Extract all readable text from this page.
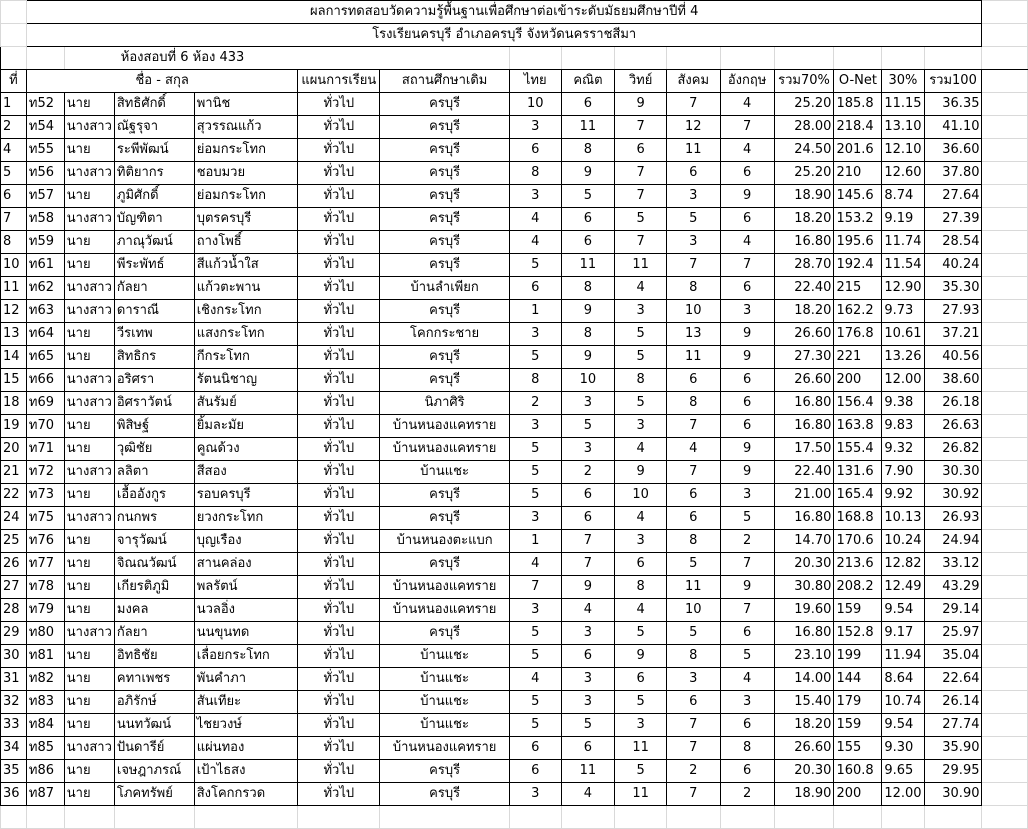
	ผลการทดสอบวัดความรู้พื้นฐานเพื่อศึกษาต่อเข้าระดับมัธยมศึกษาปีที่ 4															
	โรงเรียนครบุรี อำเภอครบุรี จังหวัดนครราชสีมา															
		ห้องสอบที่ 6 ห้อง 433														
ที่	ชื่อ - สกุล				แผนการเรียน	สถานศึกษาเดิม	ไทย	คณิต	วิทย์	สังคม	อังกฤษ	รวม70%	O-Net	30%	รวม100	
1	ท52	นาย	สิทธิศักดิ์	พานิช	ทั่วไป	ครบุรี	10	6	9	7	4	25.20	185.8	11.15	36.35	
2	ท54	นางสาว	ณัฐรุจา	สุวรรณแก้ว	ทั่วไป	ครบุรี	3	11	7	12	7	28.00	218.4	13.10	41.10	
4	ท55	นาย	ระพีพัฒน์	ย่อมกระโทก	ทั่วไป	ครบุรี	6	8	6	11	4	24.50	201.6	12.10	36.60	
5	ท56	นางสาว	ทิติยากร	ชอบมวย	ทั่วไป	ครบุรี	8	9	7	6	6	25.20	210	12.60	37.80	
6	ท57	นาย	ภูมิศักดิ์	ย่อมกระโทก	ทั่วไป	ครบุรี	3	5	7	3	9	18.90	145.6	8.74	27.64	
7	ท58	นางสาว	บัญฑิตา	บุตรครบุรี	ทั่วไป	ครบุรี	4	6	5	5	6	18.20	153.2	9.19	27.39	
8	ท59	นาย	ภาณุวัฒน์	ถางโพธิ์	ทั่วไป	ครบุรี	4	6	7	3	4	16.80	195.6	11.74	28.54	
10	ท61	นาย	พีระพัทธ์	สีแก้วน้ำใส	ทั่วไป	ครบุรี	5	11	11	7	7	28.70	192.4	11.54	40.24	
11	ท62	นางสาว	กัลยา	แก้วตะพาน	ทั่วไป	บ้านลำเพียก	6	8	4	8	6	22.40	215	12.90	35.30	
12	ท63	นางสาว	ดาราณี	เชิงกระโทก	ทั่วไป	ครบุรี	1	9	3	10	3	18.20	162.2	9.73	27.93	
13	ท64	นาย	วีรเทพ	แสงกระโทก	ทั่วไป	โคกกระชาย	3	8	5	13	9	26.60	176.8	10.61	37.21	
14	ท65	นาย	สิทธิกร	กีกระโทก	ทั่วไป	ครบุรี	5	9	5	11	9	27.30	221	13.26	40.56	
15	ท66	นางสาว	อริศรา	รัตนนิชาญ	ทั่วไป	ครบุรี	8	10	8	6	6	26.60	200	12.00	38.60	
18	ท69	นางสาว	อิศราวัตน์	สันรัมย์	ทั่วไป	นิภาศิริ	2	3	5	8	6	16.80	156.4	9.38	26.18	
19	ท70	นาย	พิสิษฐ์	ยิ้มละมัย	ทั่วไป	บ้านหนองแคทราย	3	5	3	7	6	16.80	163.8	9.83	26.63	
20	ท71	นาย	วุฒิชัย	คูณด้วง	ทั่วไป	บ้านหนองแคทราย	5	3	4	4	9	17.50	155.4	9.32	26.82	
21	ท72	นางสาว	ลลิตา	สีสอง	ทั่วไป	บ้านแชะ	5	2	9	7	9	22.40	131.6	7.90	30.30	
22	ท73	นาย	เอื้ออังกูร	รอบครบุรี	ทั่วไป	ครบุรี	5	6	10	6	3	21.00	165.4	9.92	30.92	
24	ท75	นางสาว	กนกพร	ยวงกระโทก	ทั่วไป	ครบุรี	3	6	4	6	5	16.80	168.8	10.13	26.93	
25	ท76	นาย	จารุวัฒน์	บุญเรือง	ทั่วไป	บ้านหนองตะแบก	1	7	3	8	2	14.70	170.6	10.24	24.94	
26	ท77	นาย	จิณณวัฒน์	สานคล่อง	ทั่วไป	ครบุรี	4	7	6	5	7	20.30	213.6	12.82	33.12	
27	ท78	นาย	เกียรติภูมิ	พลรัตน์	ทั่วไป	บ้านหนองแคทราย	7	9	8	11	9	30.80	208.2	12.49	43.29	
28	ท79	นาย	มงคล	นวลอิ่ง	ทั่วไป	บ้านหนองแคทราย	3	4	4	10	7	19.60	159	9.54	29.14	
29	ท80	นางสาว	กัลยา	นนขุนทด	ทั่วไป	ครบุรี	5	3	5	5	6	16.80	152.8	9.17	25.97	
30	ท81	นาย	อิทธิชัย	เลื่อยกระโทก	ทั่วไป	บ้านแชะ	5	6	9	8	5	23.10	199	11.94	35.04	
31	ท82	นาย	คทาเพชร	พันคำภา	ทั่วไป	บ้านแชะ	4	3	6	3	4	14.00	144	8.64	22.64	
32	ท83	นาย	อภิรักษ์	สันเทียะ	ทั่วไป	บ้านแชะ	5	3	5	6	3	15.40	179	10.74	26.14	
33	ท84	นาย	นนทวัฒน์	ไชยวงษ์	ทั่วไป	บ้านแชะ	5	5	3	7	6	18.20	159	9.54	27.74	
34	ท85	นางสาว	ปันดารีย์	แผ่นทอง	ทั่วไป	บ้านหนองแคทราย	6	6	11	7	8	26.60	155	9.30	35.90	
35	ท86	นาย	เจษฎาภรณ์	เป้าไธสง	ทั่วไป	ครบุรี	6	11	5	2	6	20.30	160.8	9.65	29.95	
36	ท87	นาย	โภคทรัพย์	สิงโคกกรวด	ทั่วไป	ครบุรี	3	4	11	7	2	18.90	200	12.00	30.90	
